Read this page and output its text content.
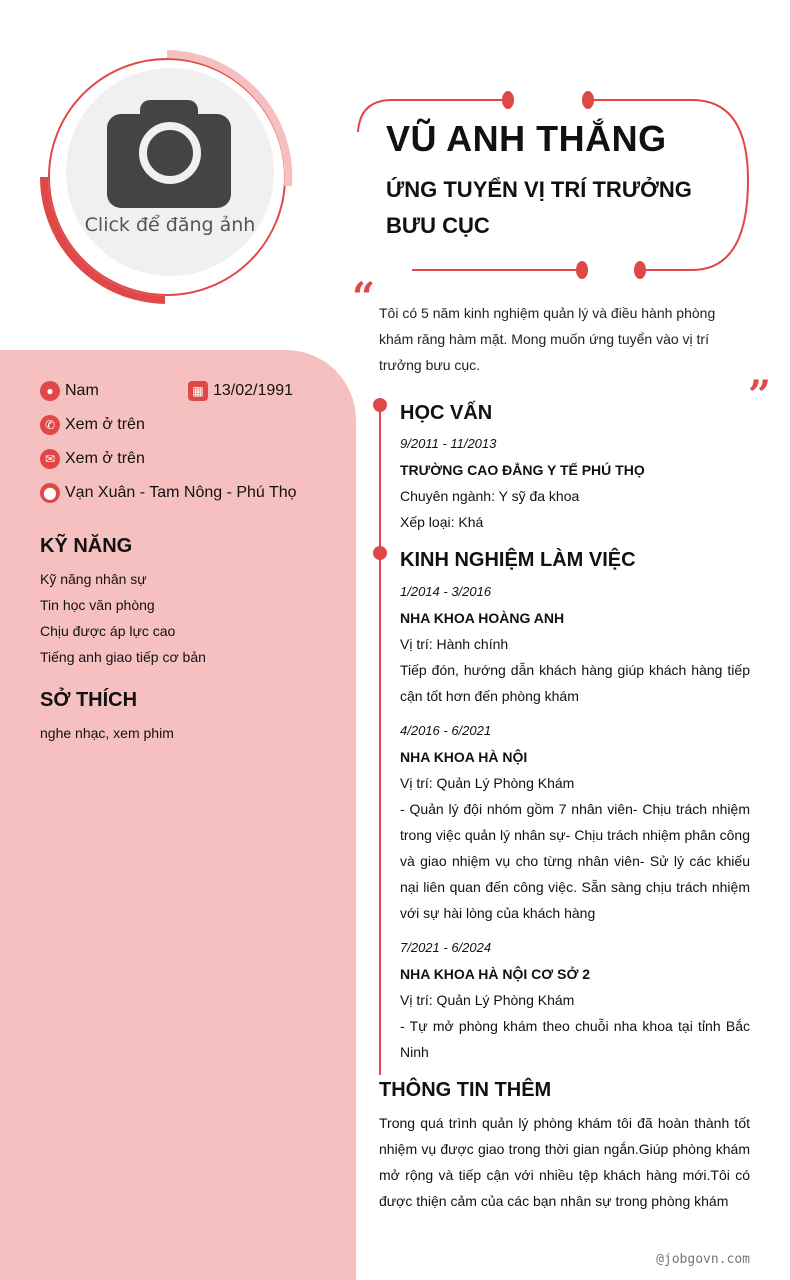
Click để đăng ảnh
VŨ ANH THẮNG
ỨNG TUYỂN VỊ TRÍ TRƯỞNG BƯU CỤC
“
”
Tôi có 5 năm kinh nghiệm quản lý và điều hành phòng khám răng hàm mặt. Mong muốn ứng tuyển vào vị trí trưởng bưu cục.
● Nam	▦ 13/02/1991
✆ Xem ở trên
✉ Xem ở trên
⬤ Vạn Xuân - Tam Nông - Phú Thọ
KỸ NĂNG
Kỹ năng nhân sự
Tin học văn phòng
Chịu được áp lực cao
Tiếng anh giao tiếp cơ bản
SỞ THÍCH
nghe nhạc, xem phim
HỌC VẤN
9/2011 - 11/2013
TRƯỜNG CAO ĐẲNG Y TẾ PHÚ THỌ
Chuyên ngành: Y sỹ đa khoa
Xếp loại: Khá
KINH NGHIỆM LÀM VIỆC
1/2014 - 3/2016
NHA KHOA HOÀNG ANH
Vị trí: Hành chính
Tiếp đón, hướng dẫn khách hàng giúp khách hàng tiếp cận tốt hơn đến phòng khám
4/2016 - 6/2021
NHA KHOA HÀ NỘI
Vị trí: Quản Lý Phòng Khám
- Quản lý đội nhóm gồm 7 nhân viên- Chịu trách nhiệm trong việc quản lý nhân sự- Chịu trách nhiệm phân công và giao nhiệm vụ cho từng nhân viên- Sử lý các khiếu nại liên quan đến công việc. Sẵn sàng chịu trách nhiệm với sự hài lòng của khách hàng
7/2021 - 6/2024
NHA KHOA HÀ NỘI CƠ SỞ 2
Vị trí: Quản Lý Phòng Khám
- Tự mở phòng khám theo chuỗi nha khoa tại tỉnh Bắc Ninh
THÔNG TIN THÊM
Trong quá trình quản lý phòng khám tôi đã hoàn thành tốt nhiệm vụ được giao trong thời gian ngắn.Giúp phòng khám mở rộng và tiếp cận với nhiều tệp khách hàng mới.Tôi có được thiện cảm của các bạn nhân sự trong phòng khám
@jobgovn.com
